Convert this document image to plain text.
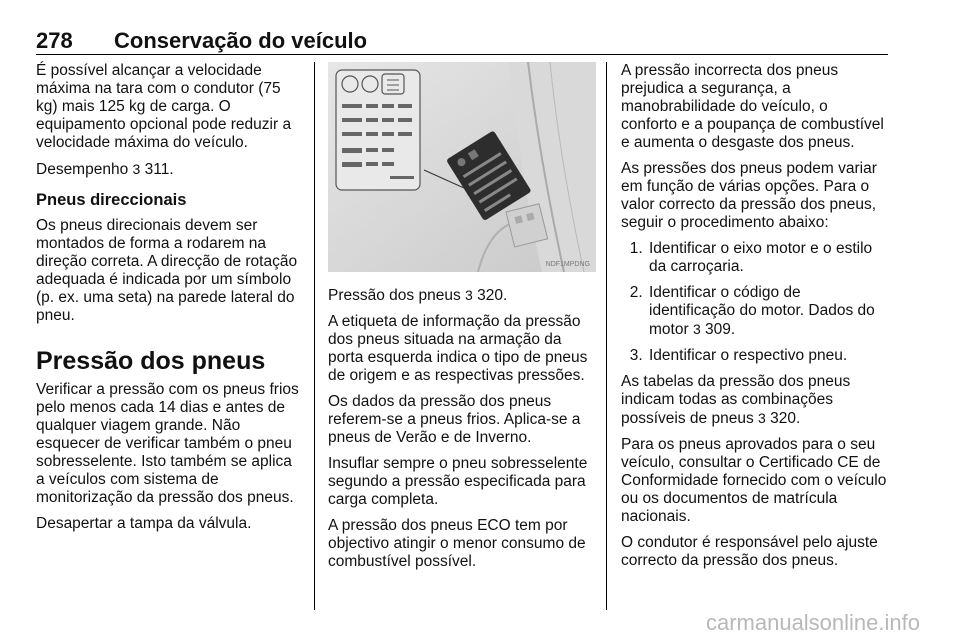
278 Conservação do veículo

É possível alcançar a velocidade máxima na tara com o condutor (75 kg) mais 125 kg de carga. O equipamento opcional pode reduzir a velocidade máxima do veículo.

Desempenho 3 311.

Pneus direccionais

Os pneus direcionais devem ser montados de forma a rodarem na direção correta. A direcção de rotação adequada é indicada por um símbolo (p. ex. uma seta) na parede lateral do pneu.

Pressão dos pneus

Verificar a pressão com os pneus frios pelo menos cada 14 dias e antes de qualquer viagem grande. Não esquecer de verificar também o pneu sobresselente. Isto também se aplica a veículos com sistema de monitorização da pressão dos pneus.

Desapertar a tampa da válvula.

NDF1MPDNG

Pressão dos pneus 3 320.

A etiqueta de informação da pressão dos pneus situada na armação da porta esquerda indica o tipo de pneus de origem e as respectivas pressões.

Os dados da pressão dos pneus referem-se a pneus frios. Aplica-se a pneus de Verão e de Inverno.

Insuflar sempre o pneu sobresselente segundo a pressão especificada para carga completa.

A pressão dos pneus ECO tem por objectivo atingir o menor consumo de combustível possível.

A pressão incorrecta dos pneus prejudica a segurança, a manobrabilidade do veículo, o conforto e a poupança de combustível e aumenta o desgaste dos pneus.

As pressões dos pneus podem variar em função de várias opções. Para o valor correcto da pressão dos pneus, seguir o procedimento abaixo:

1. Identificar o eixo motor e o estilo da carroçaria.
2. Identificar o código de identificação do motor. Dados do motor 3 309.
3. Identificar o respectivo pneu.

As tabelas da pressão dos pneus indicam todas as combinações possíveis de pneus 3 320.

Para os pneus aprovados para o seu veículo, consultar o Certificado CE de Conformidade fornecido com o veículo ou os documentos de matrícula nacionais.

O condutor é responsável pelo ajuste correcto da pressão dos pneus.

carmanualsonline.info
